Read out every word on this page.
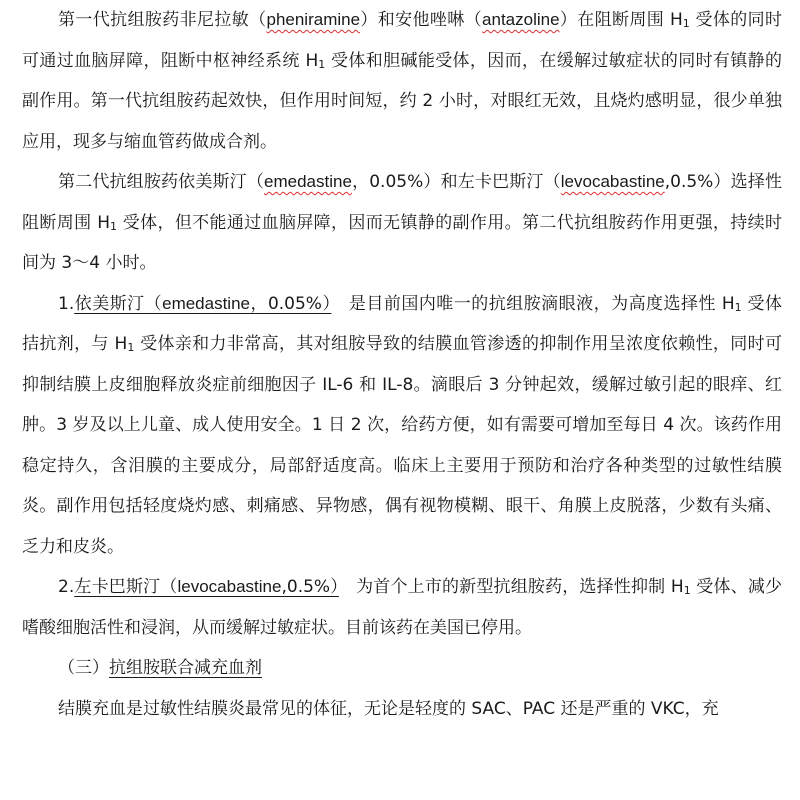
第一代抗组胺药非尼拉敏（pheniramine）和安他唑啉（antazoline）在阻断周围 $H_1$ 受体的同时可通过血脑屏障，阻断中枢神经系统 $H_1$ 受体和胆碱能受体，因而，在缓解过敏症状的同时有镇静的副作用。第一代抗组胺药起效快，但作用时间短，约 2 小时，对眼红无效，且烧灼感明显，很少单独应用，现多与缩血管药做成合剂。

第二代抗组胺药依美斯汀（emedastine，0.05%）和左卡巴斯汀（levocabastine,0.5%）选择性阻断周围 $H_1$ 受体，但不能通过血脑屏障，因而无镇静的副作用。第二代抗组胺药作用更强，持续时间为 3～4 小时。

1.依美斯汀（emedastine，0.05%）　是目前国内唯一的抗组胺滴眼液，为高度选择性 $H_1$ 受体拮抗剂，与 $H_1$ 受体亲和力非常高，其对组胺导致的结膜血管渗透的抑制作用呈浓度依赖性，同时可抑制结膜上皮细胞释放炎症前细胞因子 IL-6 和 IL-8。滴眼后 3 分钟起效，缓解过敏引起的眼痒、红肿。3 岁及以上儿童、成人使用安全。1 日 2 次，给药方便，如有需要可增加至每日 4 次。该药作用稳定持久，含泪膜的主要成分，局部舒适度高。临床上主要用于预防和治疗各种类型的过敏性结膜炎。副作用包括轻度烧灼感、刺痛感、异物感，偶有视物模糊、眼干、角膜上皮脱落，少数有头痛、乏力和皮炎。

2.左卡巴斯汀（levocabastine,0.5%）　为首个上市的新型抗组胺药，选择性抑制 $H_1$ 受体、减少嗜酸细胞活性和浸润，从而缓解过敏症状。目前该药在美国已停用。

（三）抗组胺联合减充血剂

结膜充血是过敏性结膜炎最常见的体征，无论是轻度的 SAC、PAC 还是严重的 VKC，充
